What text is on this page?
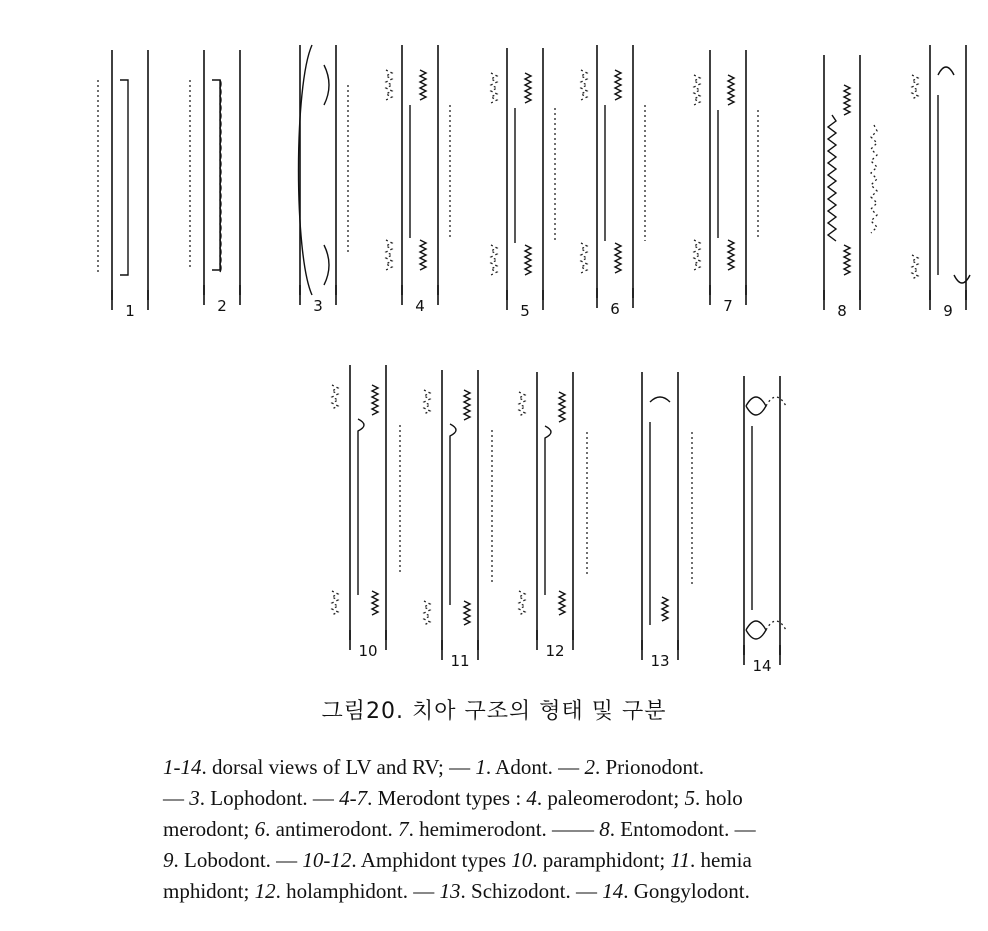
1	2	3	4	5	6	7	8	9
10
11
12
13	14
그림20. 치아 구조의 형태 및 구분

1-14. dorsal views of LV and RV; — 1. Adont. — 2. Prionodont.

— 3. Lophodont. — 4-7. Merodont types : 4. paleomerodont; 5. holo

merodont; 6. antimerodont. 7. hemimerodont. —— 8. Entomodont. —

9. Lobodont. — 10-12. Amphidont types 10. paramphidont; 11. hemia

mphidont; 12. holamphidont. — 13. Schizodont. — 14. Gongylodont.
